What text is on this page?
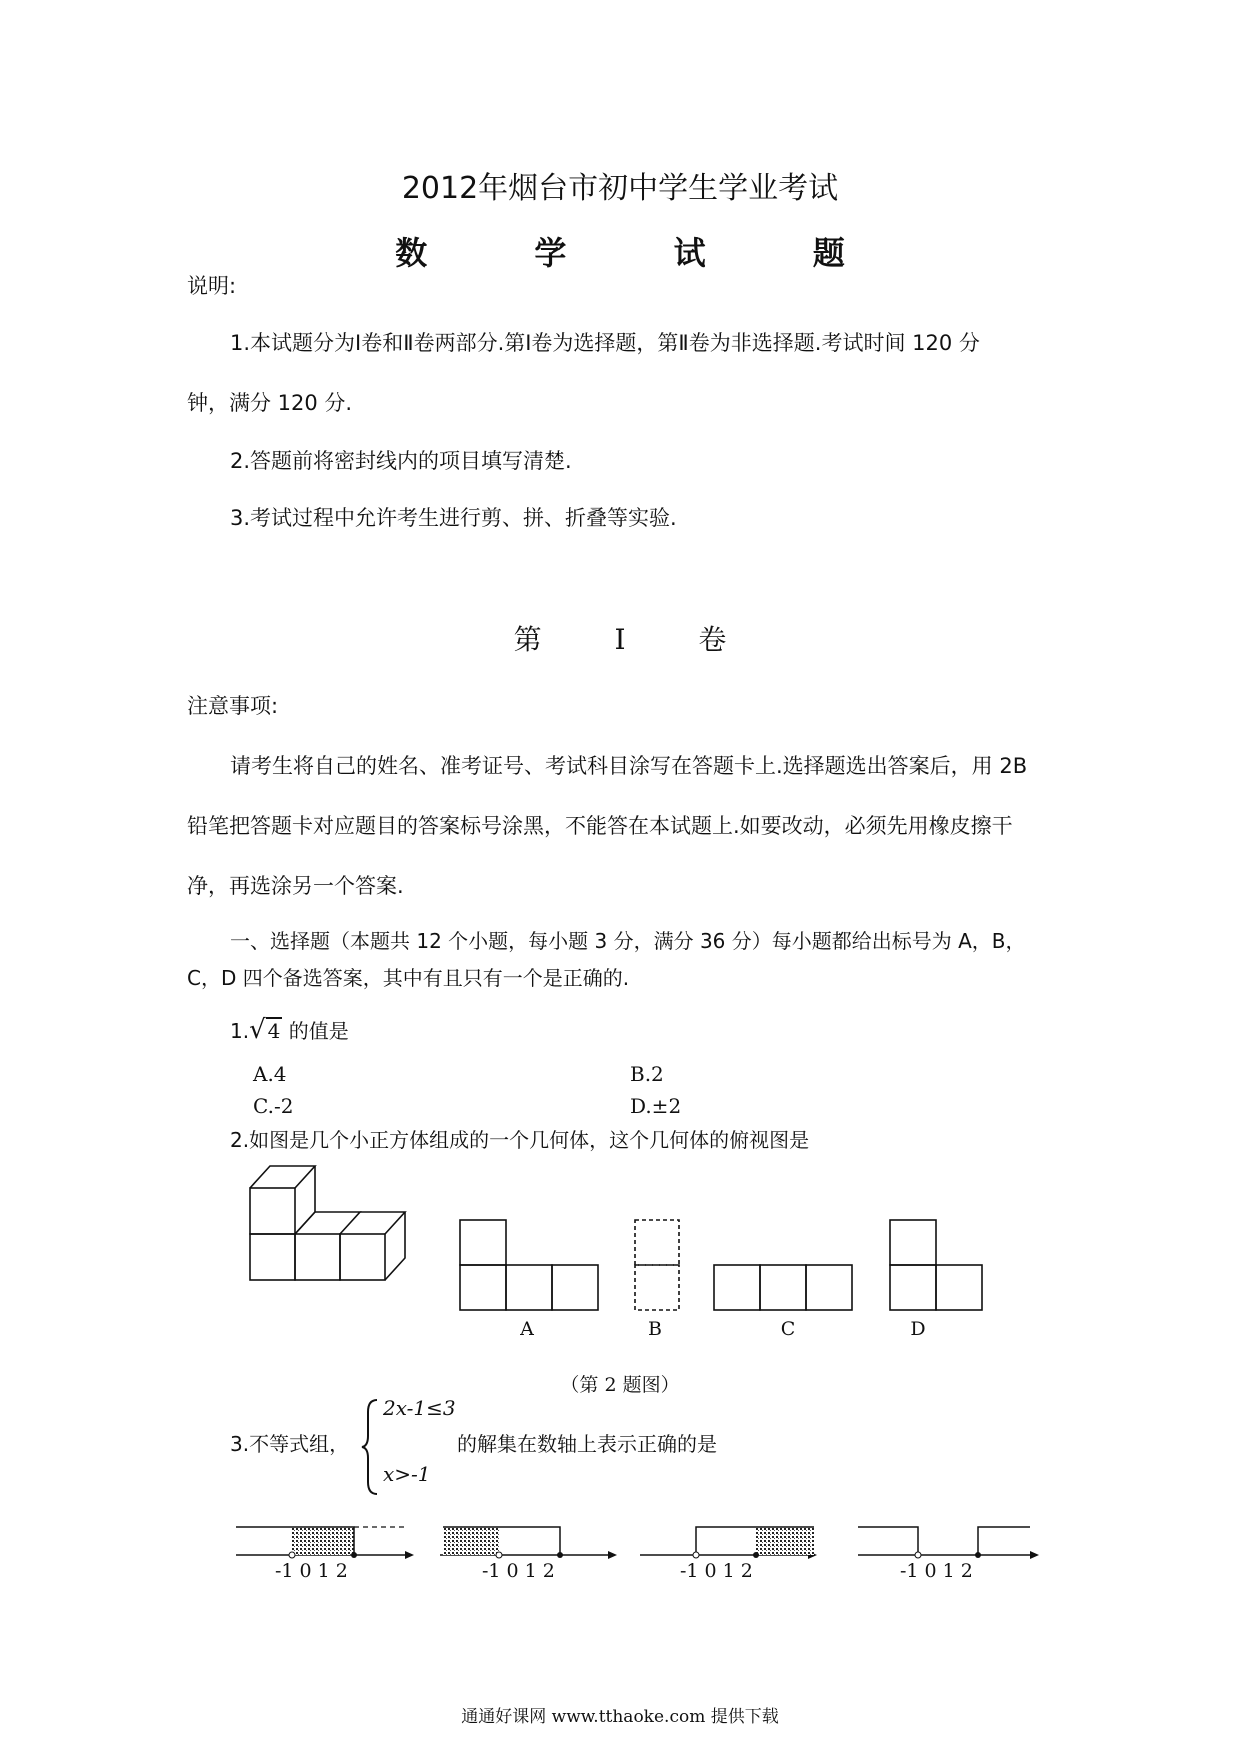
2012年烟台市初中学生学业考试
数 学 试 题
说明:
1.本试题分为Ⅰ卷和Ⅱ卷两部分.第Ⅰ卷为选择题，第Ⅱ卷为非选择题.考试时间 120 分
钟，满分 120 分.
2.答题前将密封线内的项目填写清楚.
3.考试过程中允许考生进行剪、拼、折叠等实验.
第 Ⅰ 卷
注意事项:
请考生将自己的姓名、准考证号、考试科目涂写在答题卡上.选择题选出答案后，用 2B
铅笔把答题卡对应题目的答案标号涂黑，不能答在本试题上.如要改动，必须先用橡皮擦干
净，再选涂另一个答案.
一、选择题（本题共 12 个小题，每小题 3 分，满分 36 分）每小题都给出标号为 A，B，
C，D 四个备选答案，其中有且只有一个是正确的.
1.√ 4 的值是
A.4	B.2
C.-2	D.±2
2.如图是几个小正方体组成的一个几何体，这个几何体的俯视图是
A	B	C	D
（第 2 题图）
3.不等式组，
2x-1≤3
x>-1
的解集在数轴上表示正确的是
-1 0 1 2	-1 0 1 2	-1 0 1 2	-1 0 1 2
通通好课网 www.tthaoke.com 提供下载
